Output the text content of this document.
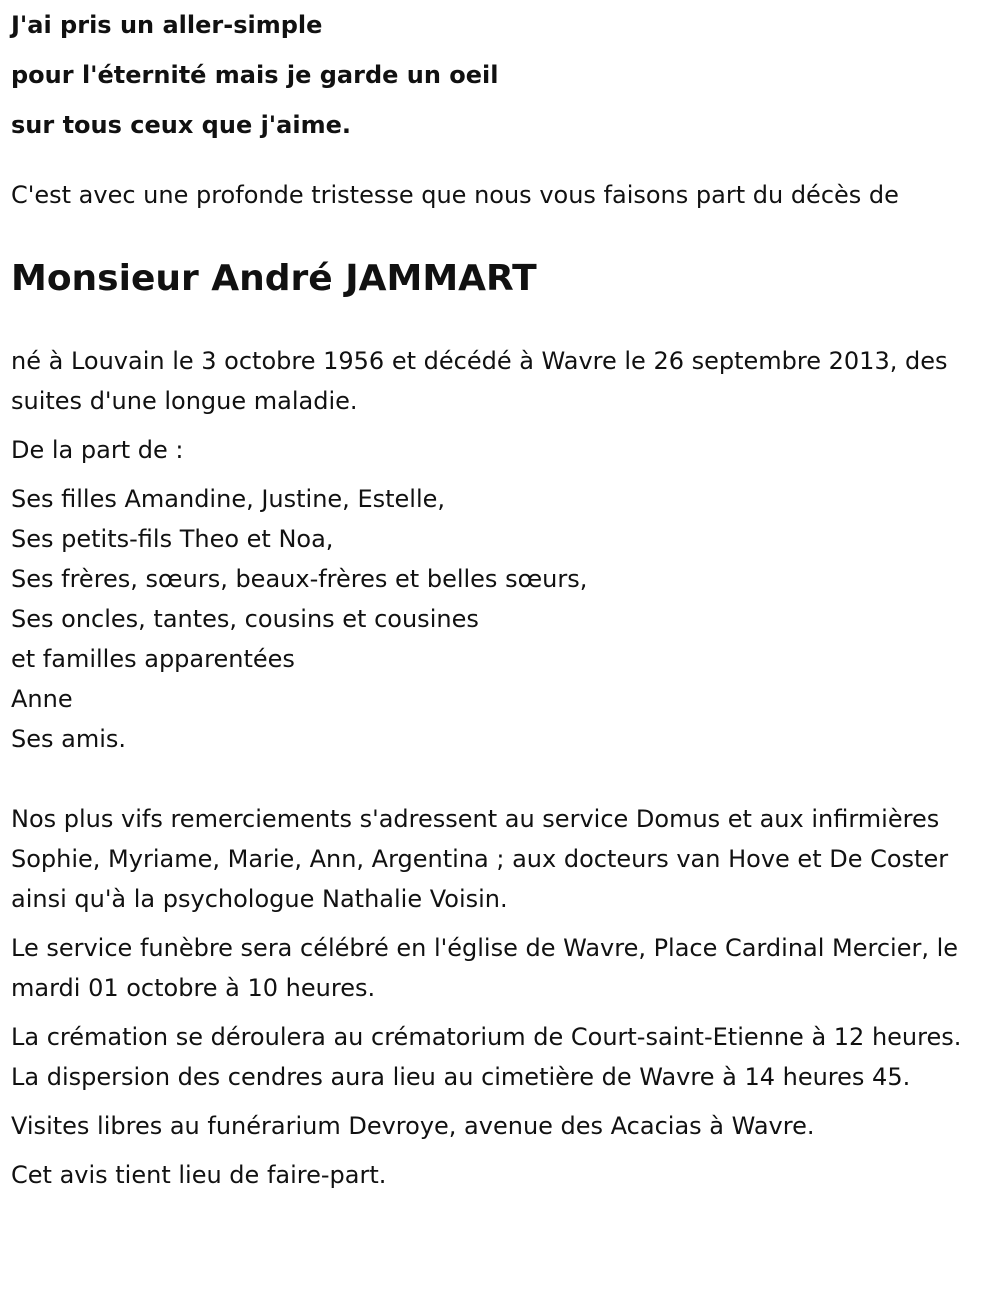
J'ai pris un aller-simple

pour l'éternité mais je garde un oeil

sur tous ceux que j'aime.

C'est avec une profonde tristesse que nous vous faisons part du décès de

Monsieur André JAMMART

né à Louvain le 3 octobre 1956 et décédé à Wavre le 26 septembre 2013, des suites d'une longue maladie.

De la part de :

Ses filles Amandine, Justine, Estelle,
Ses petits-fils Theo et Noa,
Ses frères, sœurs, beaux-frères et belles sœurs,
Ses oncles, tantes, cousins et cousines
et familles apparentées
Anne
Ses amis.

Nos plus vifs remerciements s'adressent au service Domus et aux infirmières Sophie, Myriame, Marie, Ann, Argentina ; aux docteurs van Hove et De Coster ainsi qu'à la psychologue Nathalie Voisin.

Le service funèbre sera célébré en l'église de Wavre, Place Cardinal Mercier, le mardi 01 octobre à 10 heures.

La crémation se déroulera au crématorium de Court-saint-Etienne à 12 heures. La dispersion des cendres aura lieu au cimetière de Wavre à 14 heures 45.

Visites libres au funérarium Devroye, avenue des Acacias à Wavre.

Cet avis tient lieu de faire-part.
